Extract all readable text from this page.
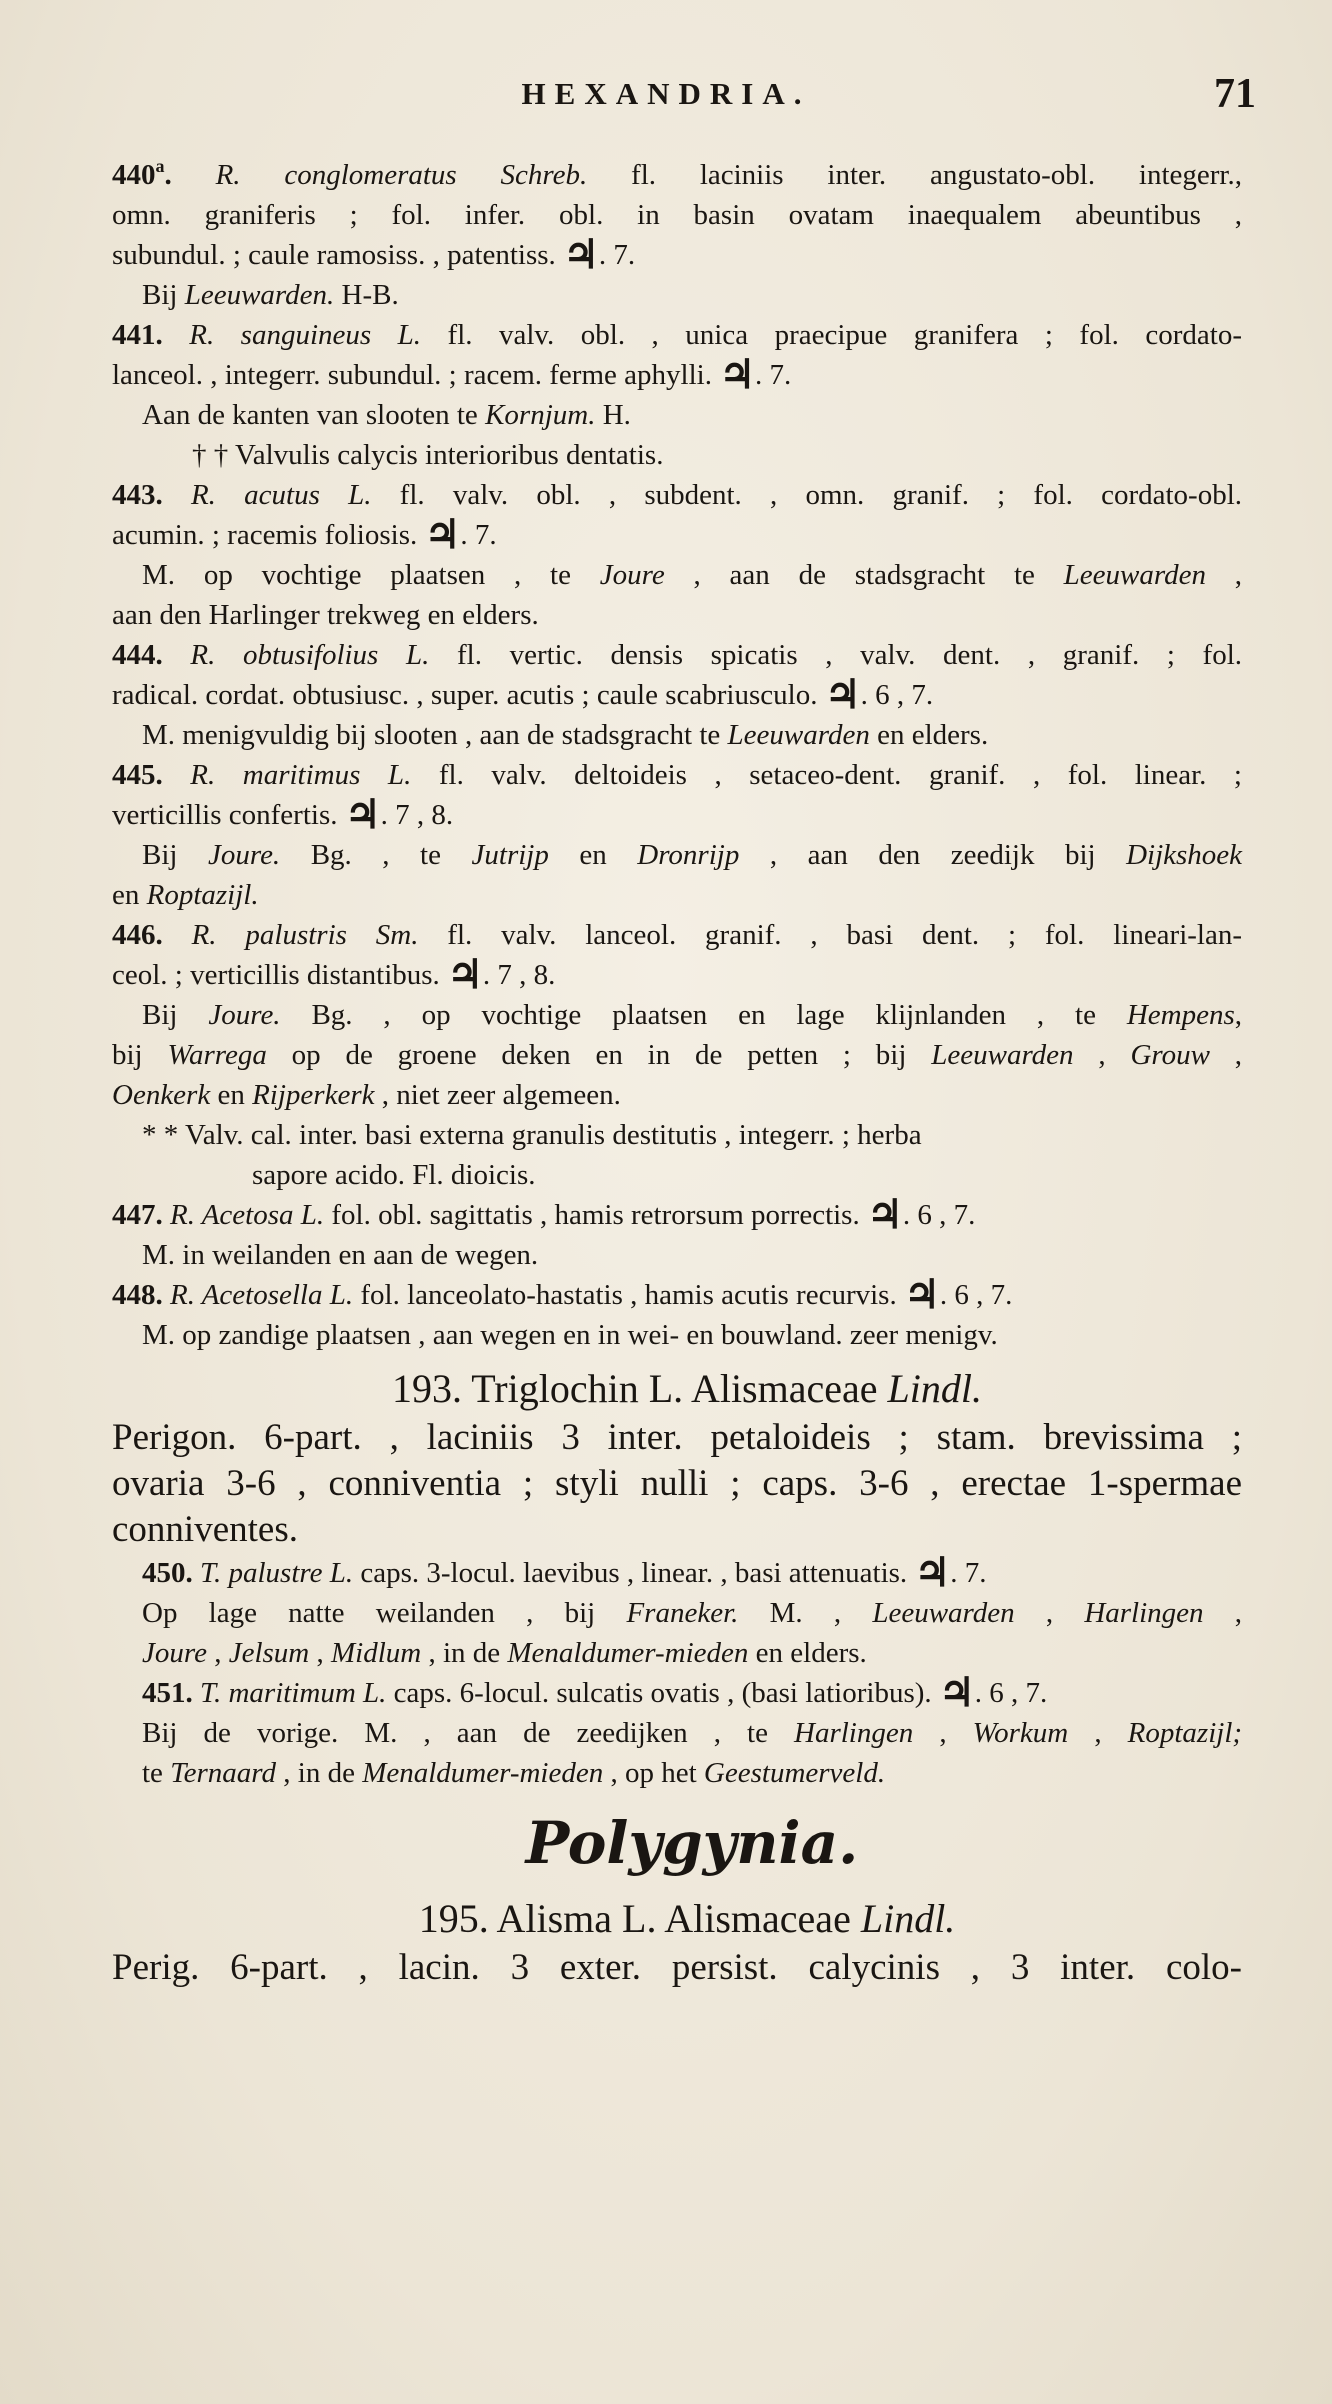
HEXANDRIA.	71
440$^a$. R. conglomeratus Schreb. fl. laciniis inter. angustato-obl. integerr.,
omn. graniferis ; fol. infer. obl. in basin ovatam inaequalem abeuntibus ,
subundul. ; caule ramosiss. , patentiss. ♃. 7.
Bij Leeuwarden. H-B.
441. R. sanguineus L. fl. valv. obl. , unica praecipue granifera ; fol. cordato-
lanceol. , integerr. subundul. ; racem. ferme aphylli. ♃. 7.
Aan de kanten van slooten te Kornjum. H.
† † Valvulis calycis interioribus dentatis.
443. R. acutus L. fl. valv. obl. , subdent. , omn. granif. ; fol. cordato-obl.
acumin. ; racemis foliosis. ♃. 7.
M. op vochtige plaatsen , te Joure , aan de stadsgracht te Leeuwarden ,
aan den Harlinger trekweg en elders.
444. R. obtusifolius L. fl. vertic. densis spicatis , valv. dent. , granif. ; fol.
radical. cordat. obtusiusc. , super. acutis ; caule scabriusculo. ♃. 6 , 7.
M. menigvuldig bij slooten , aan de stadsgracht te Leeuwarden en elders.
445. R. maritimus L. fl. valv. deltoideis , setaceo-dent. granif. , fol. linear. ;
verticillis confertis. ♃. 7 , 8.
Bij Joure. Bg. , te Jutrijp en Dronrijp , aan den zeedijk bij Dijkshoek
en Roptazijl.
446. R. palustris Sm. fl. valv. lanceol. granif. , basi dent. ; fol. lineari-lan-
ceol. ; verticillis distantibus. ♃. 7 , 8.
Bij Joure. Bg. , op vochtige plaatsen en lage klijnlanden , te Hempens,
bij Warrega op de groene deken en in de petten ; bij Leeuwarden , Grouw ,
Oenkerk en Rijperkerk , niet zeer algemeen.
* * Valv. cal. inter. basi externa granulis destitutis , integerr. ; herba
sapore acido. Fl. dioicis.
447. R. Acetosa L. fol. obl. sagittatis , hamis retrorsum porrectis. ♃. 6 , 7.
M. in weilanden en aan de wegen.
448. R. Acetosella L. fol. lanceolato-hastatis , hamis acutis recurvis. ♃. 6 , 7.
M. op zandige plaatsen , aan wegen en in wei- en bouwland. zeer menigv.
193. Triglochin L. Alismaceae Lindl.
Perigon. 6-part. , laciniis 3 inter. petaloideis ; stam. brevissima ;
ovaria 3-6 , conniventia ; styli nulli ; caps. 3-6 , erectae 1-spermae
conniventes.
450. T. palustre L. caps. 3-locul. laevibus , linear. , basi attenuatis. ♃. 7.
Op lage natte weilanden , bij Franeker. M. , Leeuwarden , Harlingen ,
Joure , Jelsum , Midlum , in de Menaldumer-mieden en elders.
451. T. maritimum L. caps. 6-locul. sulcatis ovatis , (basi latioribus). ♃. 6 , 7.
Bij de vorige. M. , aan de zeedijken , te Harlingen , Workum , Roptazijl;
te Ternaard , in de Menaldumer-mieden , op het Geestumerveld.
Polygynia.
195. Alisma L. Alismaceae Lindl.
Perig. 6-part. , lacin. 3 exter. persist. calycinis , 3 inter. colo-
